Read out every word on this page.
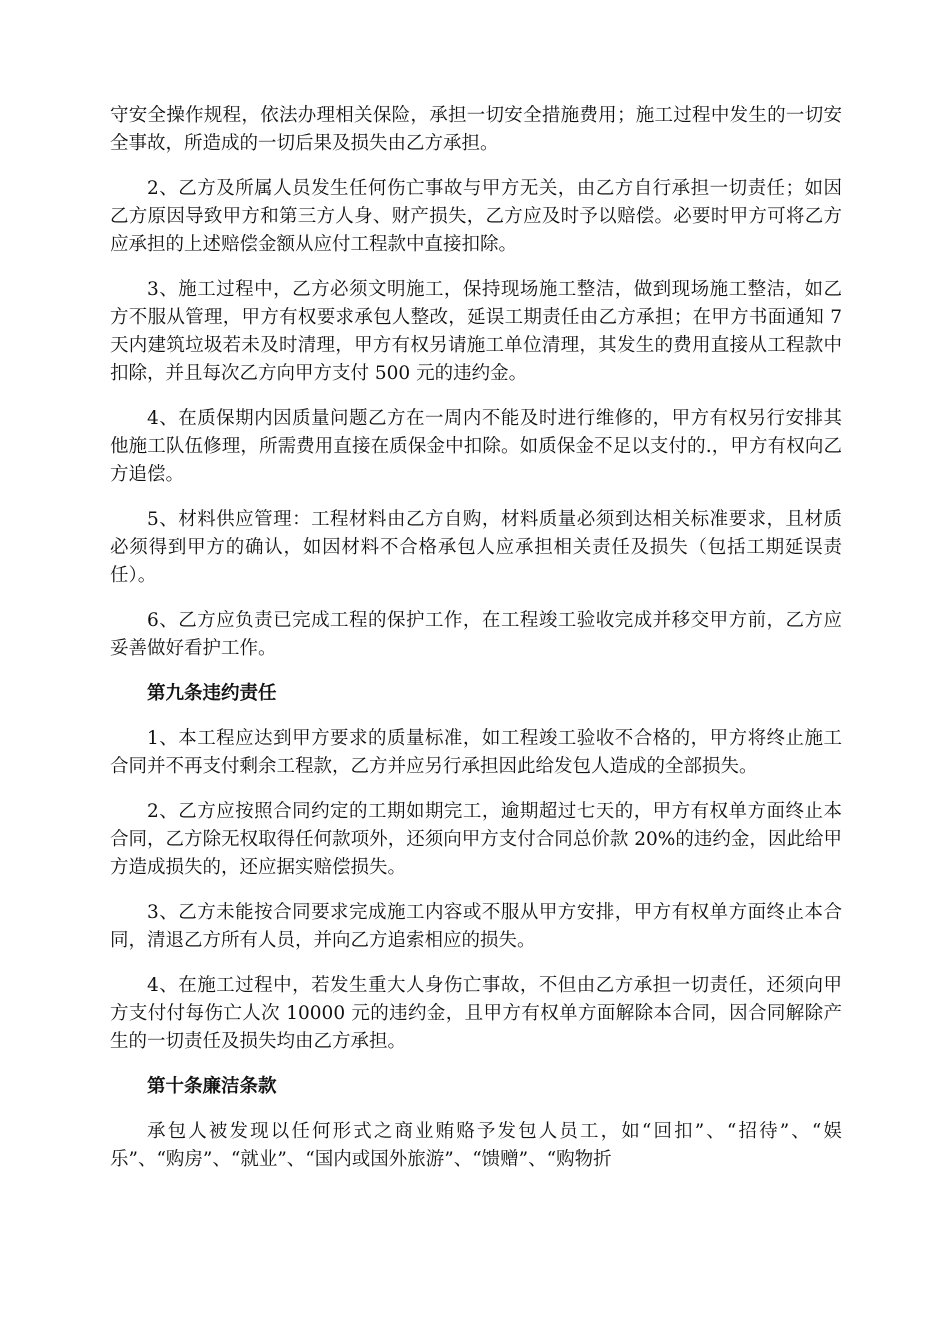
守安全操作规程，依法办理相关保险，承担一切安全措施费用；施工过程中发生的一切安全事故，所造成的一切后果及损失由乙方承担。

2、乙方及所属人员发生任何伤亡事故与甲方无关，由乙方自行承担一切责任；如因乙方原因导致甲方和第三方人身、财产损失，乙方应及时予以赔偿。必要时甲方可将乙方应承担的上述赔偿金额从应付工程款中直接扣除。

3、施工过程中，乙方必须文明施工，保持现场施工整洁，做到现场施工整洁，如乙方不服从管理，甲方有权要求承包人整改，延误工期责任由乙方承担；在甲方书面通知 7 天内建筑垃圾若未及时清理，甲方有权另请施工单位清理，其发生的费用直接从工程款中扣除，并且每次乙方向甲方支付 500 元的违约金。

4、在质保期内因质量问题乙方在一周内不能及时进行维修的，甲方有权另行安排其他施工队伍修理，所需费用直接在质保金中扣除。如质保金不足以支付的.，甲方有权向乙方追偿。

5、材料供应管理：工程材料由乙方自购，材料质量必须到达相关标准要求，且材质必须得到甲方的确认，如因材料不合格承包人应承担相关责任及损失（包括工期延误责任）。

6、乙方应负责已完成工程的保护工作，在工程竣工验收完成并移交甲方前，乙方应妥善做好看护工作。

第九条违约责任

1、本工程应达到甲方要求的质量标准，如工程竣工验收不合格的，甲方将终止施工合同并不再支付剩余工程款，乙方并应另行承担因此给发包人造成的全部损失。

2、乙方应按照合同约定的工期如期完工，逾期超过七天的，甲方有权单方面终止本合同，乙方除无权取得任何款项外，还须向甲方支付合同总价款 20%的违约金，因此给甲方造成损失的，还应据实赔偿损失。

3、乙方未能按合同要求完成施工内容或不服从甲方安排，甲方有权单方面终止本合同，清退乙方所有人员，并向乙方追索相应的损失。

4、在施工过程中，若发生重大人身伤亡事故，不但由乙方承担一切责任，还须向甲方支付付每伤亡人次 10000 元的违约金，且甲方有权单方面解除本合同，因合同解除产生的一切责任及损失均由乙方承担。

第十条廉洁条款

承包人被发现以任何形式之商业贿赂予发包人员工，如“回扣”、“招待”、“娱乐”、“购房”、“就业”、“国内或国外旅游”、“馈赠”、“购物折
